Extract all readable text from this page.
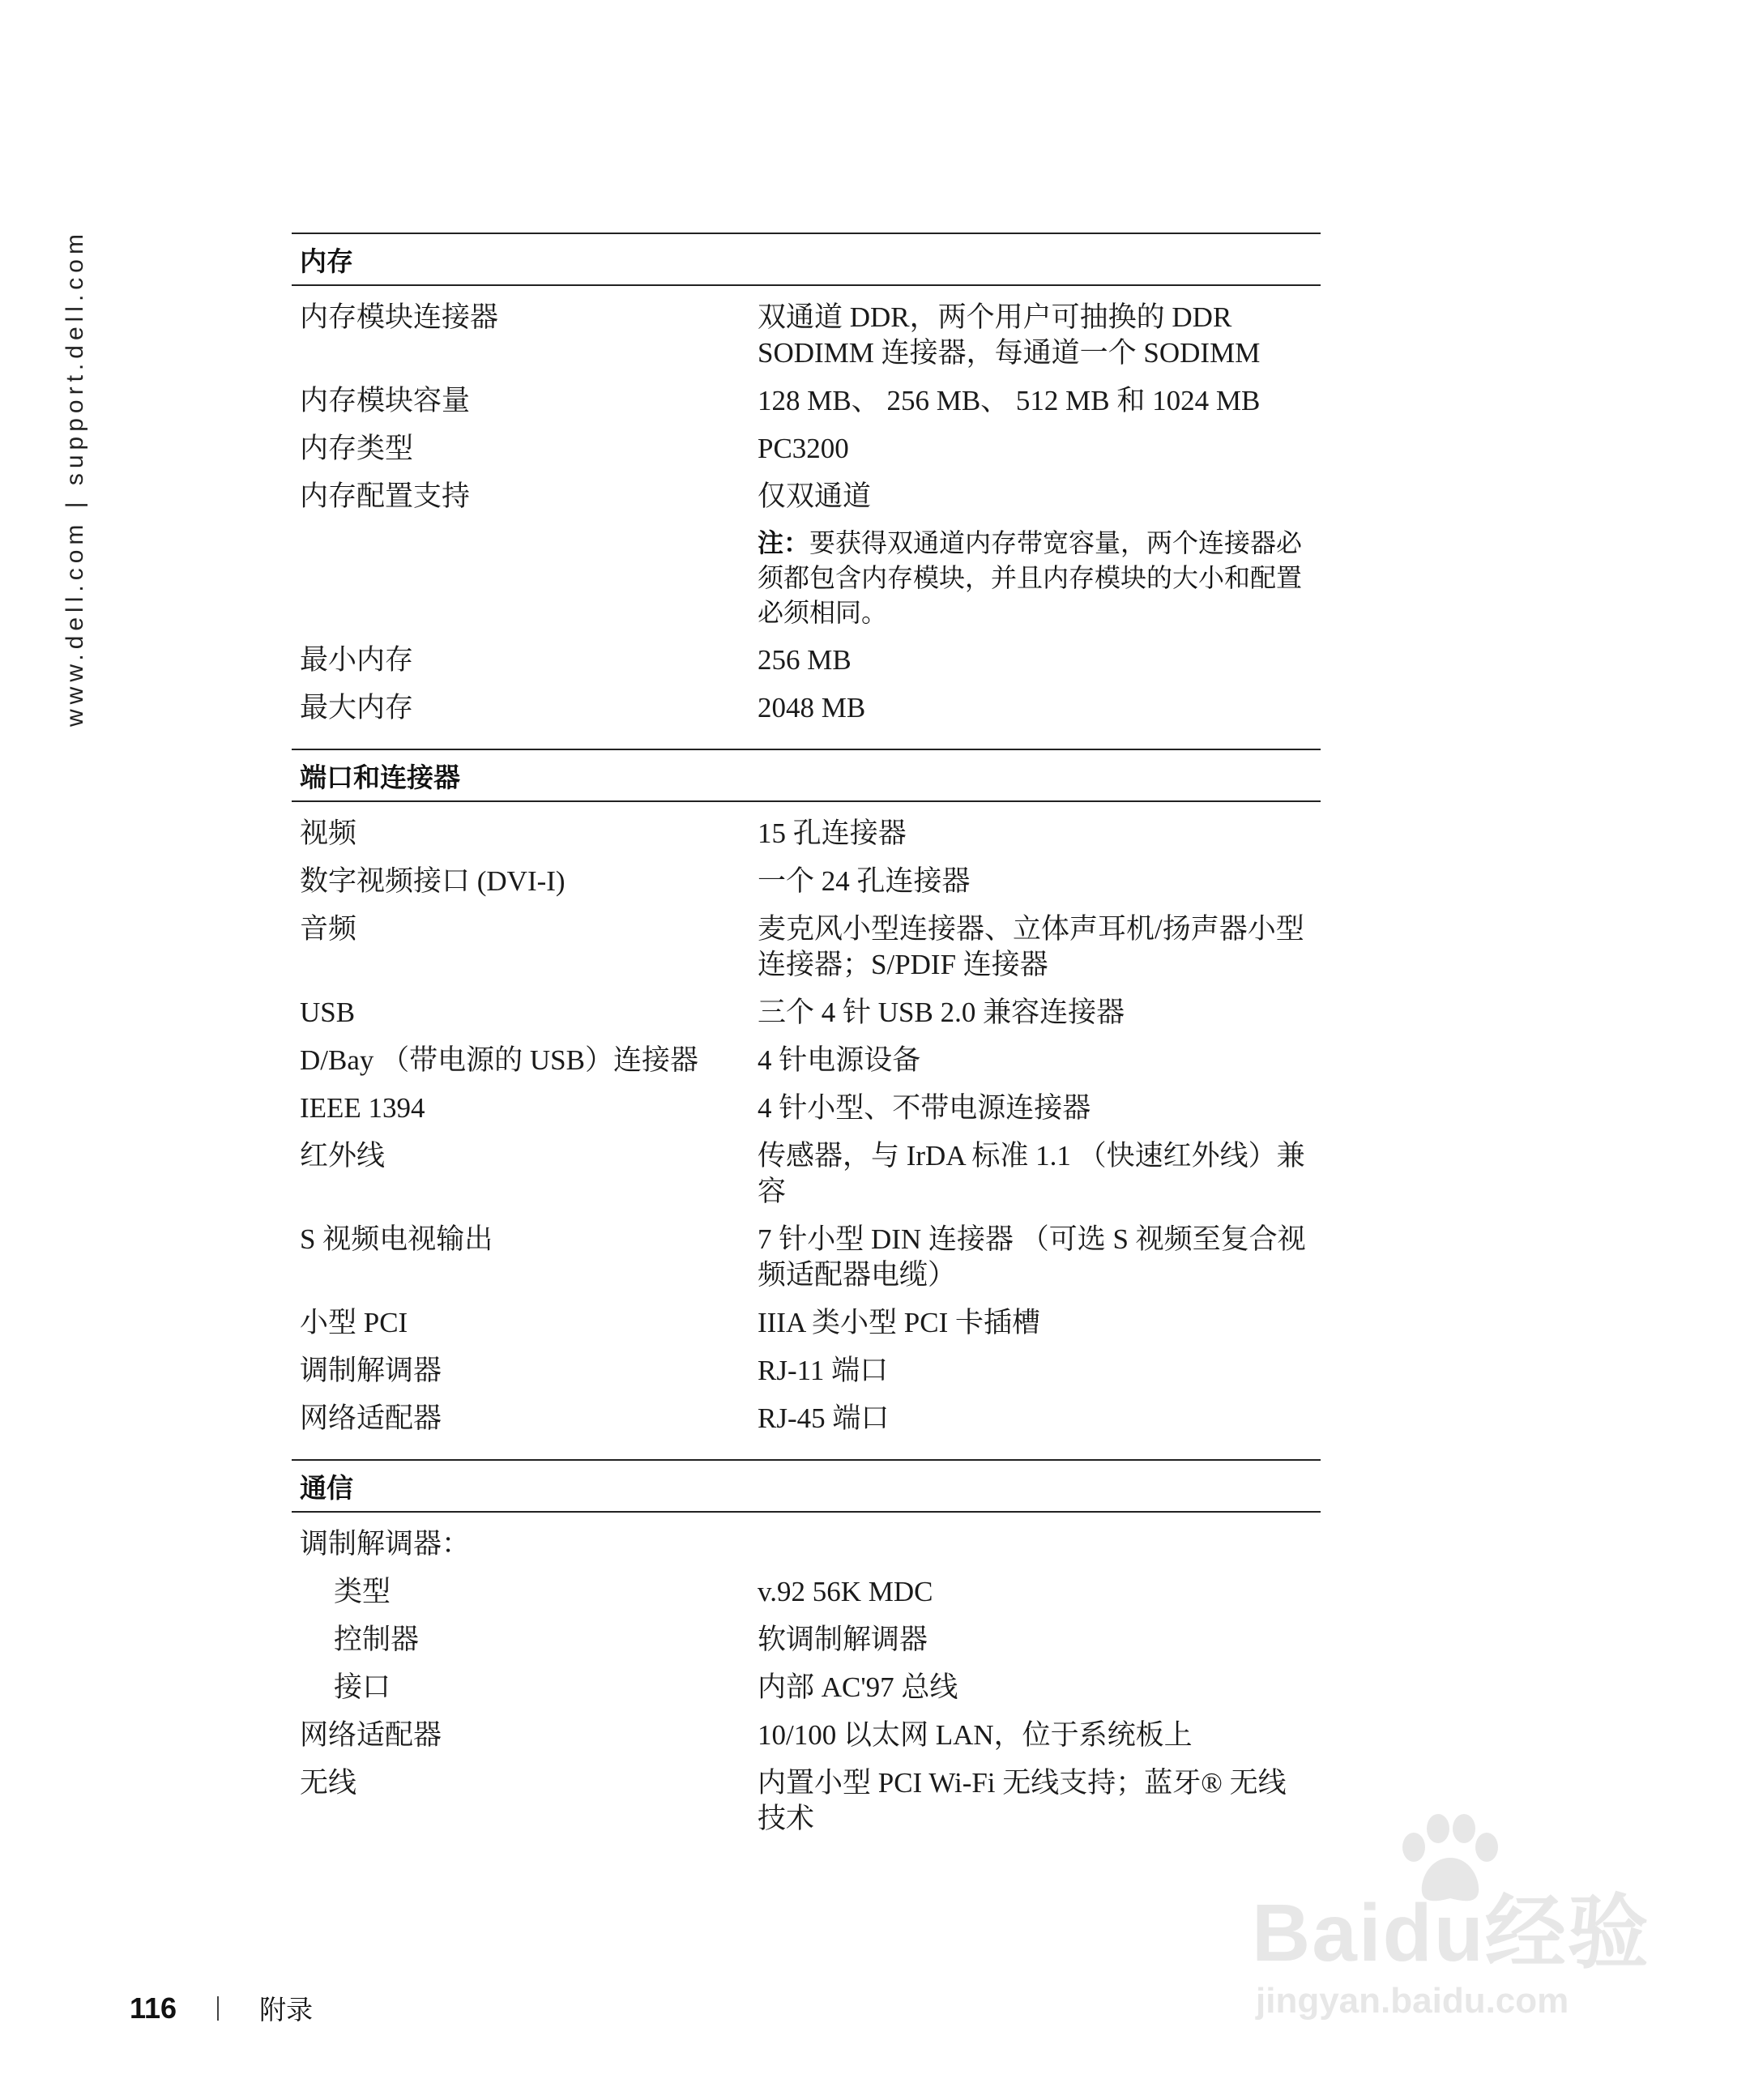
www.dell.com | support.dell.com	内存
内存模块连接器	双通道 DDR，两个用户可抽换的 DDR SODIMM 连接器，每通道一个 SODIMM
内存模块容量	128 MB、 256 MB、 512 MB 和 1024 MB
内存类型	PC3200
内存配置支持	仅双通道
注：要获得双通道内存带宽容量，两个连接器必须都包含内存模块，并且内存模块的大小和配置必须相同。
最小内存	256 MB
最大内存	2048 MB
端口和连接器
视频	15 孔连接器
数字视频接口 (DVI-I)	一个 24 孔连接器
音频	麦克风小型连接器、立体声耳机/扬声器小型连接器；S/PDIF 连接器
USB	三个 4 针 USB 2.0 兼容连接器
D/Bay （带电源的 USB）连接器	4 针电源设备
IEEE 1394	4 针小型、不带电源连接器
红外线	传感器，与 IrDA 标准 1.1 （快速红外线）兼容
S 视频电视输出	7 针小型 DIN 连接器 （可选 S 视频至复合视频适配器电缆）
小型 PCI	IIIA 类小型 PCI 卡插槽
调制解调器	RJ-11 端口
网络适配器	RJ-45 端口
通信
调制解调器：
类型	v.92 56K MDC
控制器	软调制解调器
接口	内部 AC'97 总线
网络适配器	10/100 以太网 LAN，位于系统板上
无线	内置小型 PCI Wi-Fi 无线支持；蓝牙® 无线技术
116	附录
Baidu经验
jingyan.baidu.com
